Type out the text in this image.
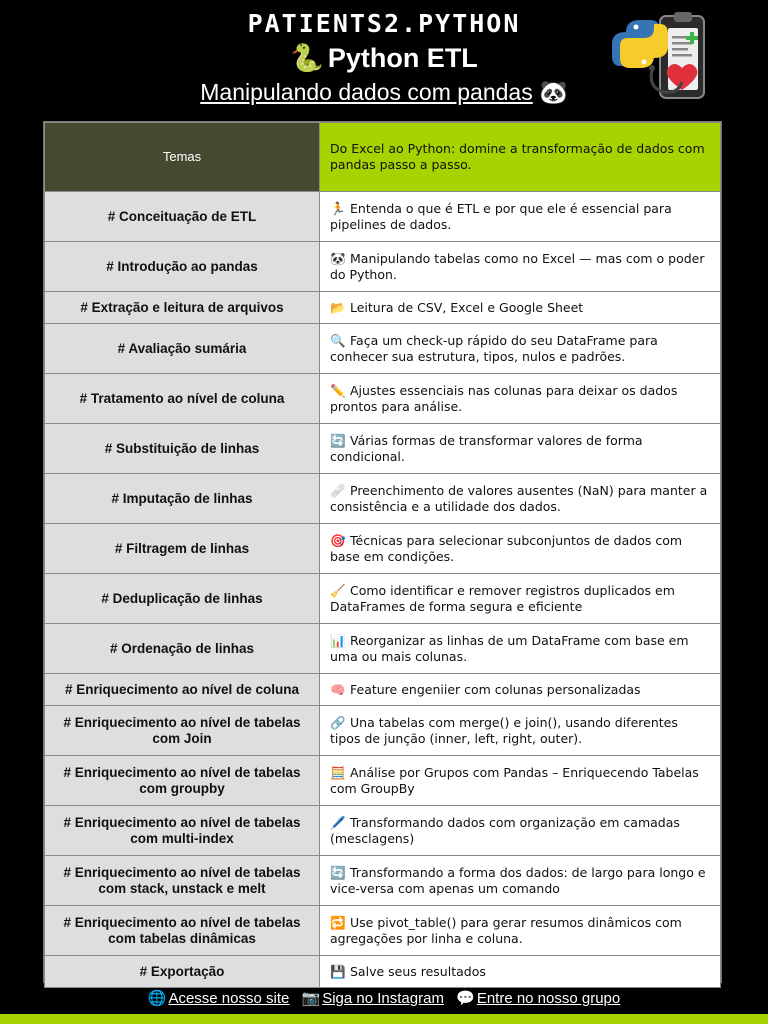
PATIENTS2.PYTHON
🐍 Python ETL
Manipulando dados com pandas 🐼
Temas	Do Excel ao Python: domine a transformação de dados com pandas passo a passo.
# Conceituação de ETL	🏃 Entenda o que é ETL e por que ele é essencial para pipelines de dados.
# Introdução ao pandas	🐼 Manipulando tabelas como no Excel — mas com o poder do Python.
# Extração e leitura de arquivos	📂 Leitura de CSV, Excel e Google Sheet
# Avaliação sumária	🔍 Faça um check-up rápido do seu DataFrame para conhecer sua estrutura, tipos, nulos e padrões.
# Tratamento ao nível de coluna	✏️ Ajustes essenciais nas colunas para deixar os dados prontos para análise.
# Substituição de linhas	🔄 Várias formas de transformar valores de forma condicional.
# Imputação de linhas	🩹 Preenchimento de valores ausentes (NaN) para manter a consistência e a utilidade dos dados.
# Filtragem de linhas	🎯 Técnicas para selecionar subconjuntos de dados com base em condições.
# Deduplicação de linhas	🧹 Como identificar e remover registros duplicados em DataFrames de forma segura e eficiente
# Ordenação de linhas	📊 Reorganizar as linhas de um DataFrame com base em uma ou mais colunas.
# Enriquecimento ao nível de coluna	🧠 Feature engeniier com colunas personalizadas
# Enriquecimento ao nível de tabelas com Join	🔗 Una tabelas com merge() e join(), usando diferentes tipos de junção (inner, left, right, outer).
# Enriquecimento ao nível de tabelas com groupby	🧮 Análise por Grupos com Pandas – Enriquecendo Tabelas com GroupBy
# Enriquecimento ao nível de tabelas com multi-index	🖊️ Transformando dados com organização em camadas (mesclagens)
# Enriquecimento ao nível de tabelas com stack, unstack e melt	🔄 Transformando a forma dos dados: de largo para longo e vice-versa com apenas um comando
# Enriquecimento ao nível de tabelas com tabelas dinâmicas	🔁 Use pivot_table() para gerar resumos dinâmicos com agregações por linha e coluna.
# Exportação	💾 Salve seus resultados
🌐 Acesse nosso site 📷 Siga no Instagram 💬 Entre no nosso grupo
